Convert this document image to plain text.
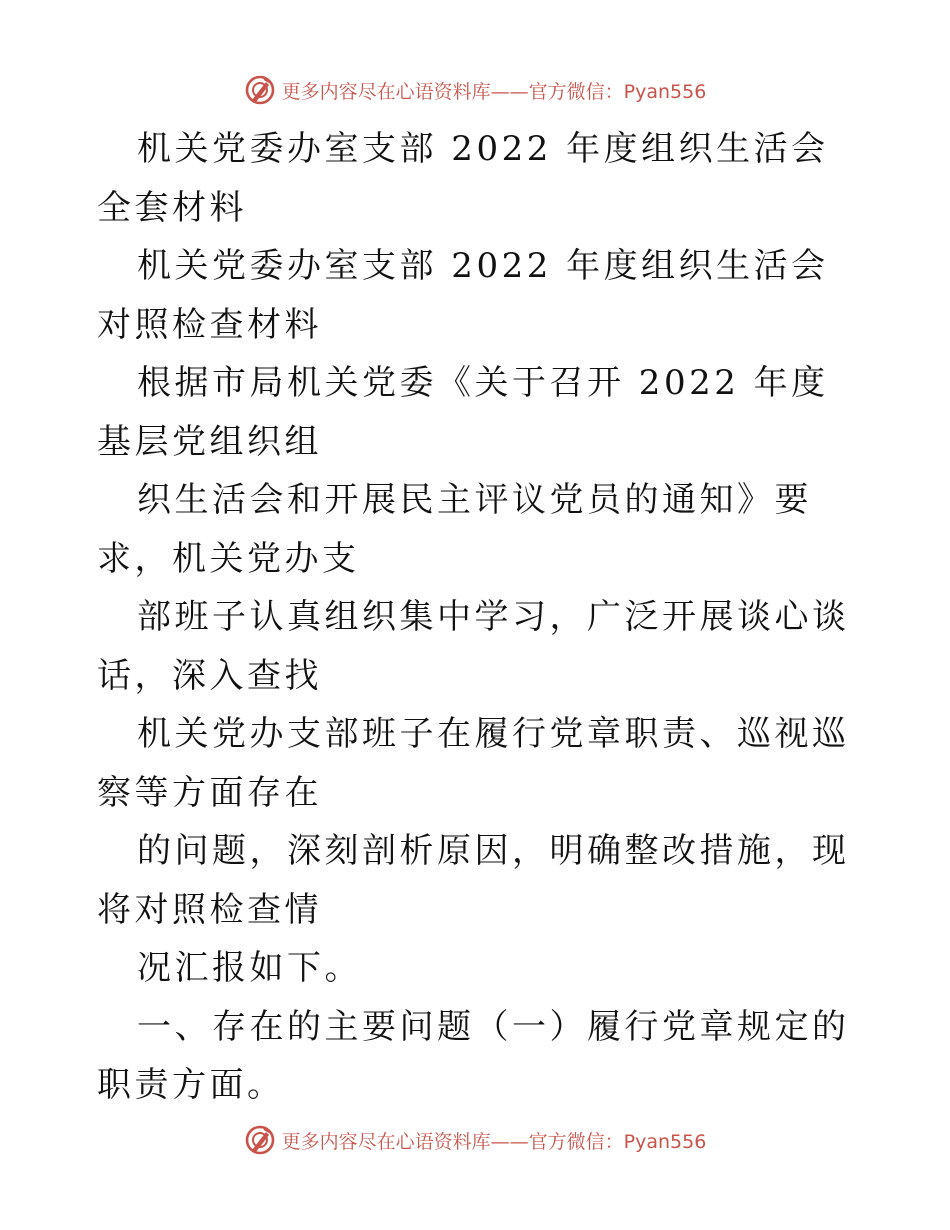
更多内容尽在心语资料库——官方微信：Pyan556

机关党委办室支部 2022 年度组织生活会全套材料

机关党委办室支部 2022 年度组织生活会对照检查材料

根据市局机关党委《关于召开 2022 年度基层党组织组

织生活会和开展民主评议党员的通知》要求，机关党办支

部班子认真组织集中学习，广泛开展谈心谈话，深入查找

机关党办支部班子在履行党章职责、巡视巡察等方面存在

的问题，深刻剖析原因，明确整改措施，现将对照检查情

况汇报如下。

一、存在的主要问题（一）履行党章规定的职责方面。

更多内容尽在心语资料库——官方微信：Pyan556
